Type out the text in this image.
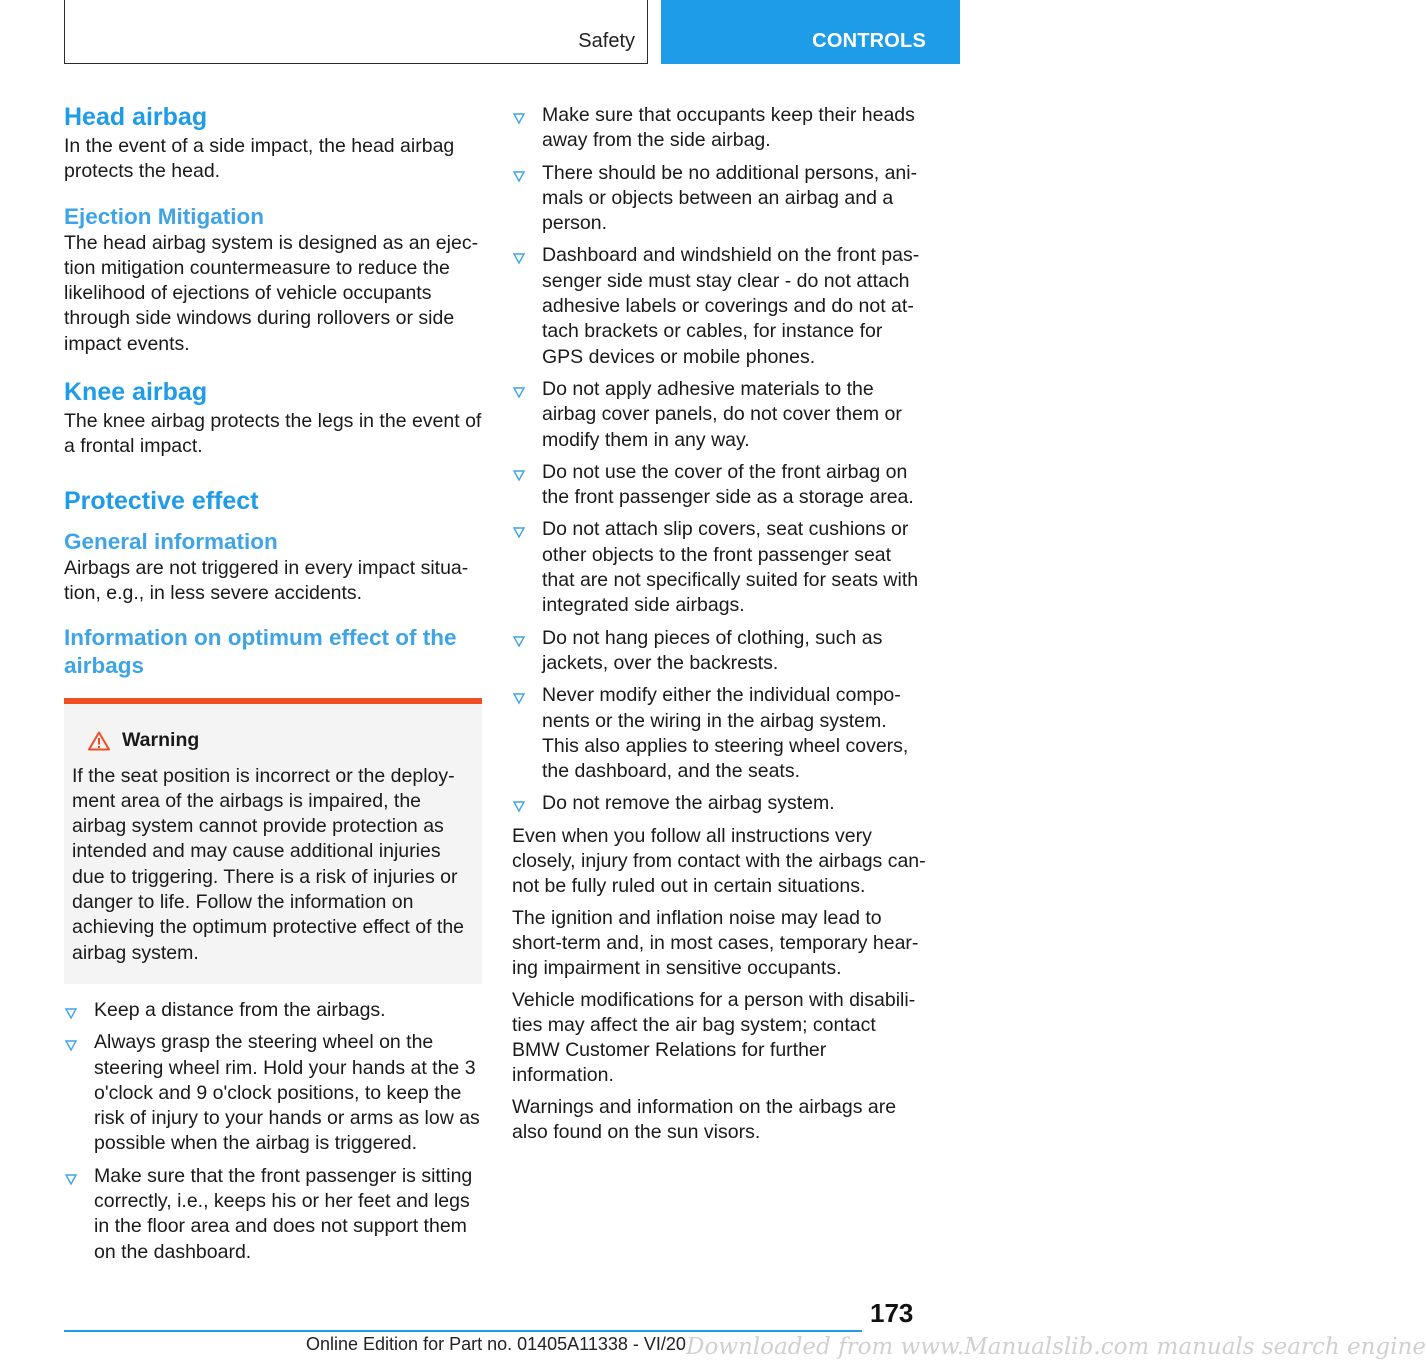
Safety	CONTROLS
Head airbag

In the event of a side impact, the head airbag protects the head.

Ejection Mitigation

The head airbag system is designed as an ejection mitigation countermeasure to reduce the likelihood of ejections of vehicle occupants through side windows during rollovers or side impact events.

Knee airbag

The knee airbag protects the legs in the event of a frontal impact.

Protective effect
General information

Airbags are not triggered in every impact situation, e.g., in less severe accidents.

Information on optimum effect of the airbags
Warning

If the seat position is incorrect or the deployment area of the airbags is impaired, the airbag system cannot provide protection as intended and may cause additional injuries due to triggering. There is a risk of injuries or danger to life. Follow the information on achieving the optimum protective effect of the airbag system.

Keep a distance from the airbags.
Always grasp the steering wheel on the steering wheel rim. Hold your hands at the 3 o'clock and 9 o'clock positions, to keep the risk of injury to your hands or arms as low as possible when the airbag is triggered.
Make sure that the front passenger is sitting correctly, i.e., keeps his or her feet and legs in the floor area and does not support them on the dashboard.
Make sure that occupants keep their heads away from the side airbag.
There should be no additional persons, animals or objects between an airbag and a person.
Dashboard and windshield on the front passenger side must stay clear - do not attach adhesive labels or coverings and do not attach brackets or cables, for instance for GPS devices or mobile phones.
Do not apply adhesive materials to the airbag cover panels, do not cover them or modify them in any way.
Do not use the cover of the front airbag on the front passenger side as a storage area.
Do not attach slip covers, seat cushions or other objects to the front passenger seat that are not specifically suited for seats with integrated side airbags.
Do not hang pieces of clothing, such as jackets, over the backrests.
Never modify either the individual components or the wiring in the airbag system. This also applies to steering wheel covers, the dashboard, and the seats.
Do not remove the airbag system.

Even when you follow all instructions very closely, injury from contact with the airbags cannot be fully ruled out in certain situations.

The ignition and inflation noise may lead to short-term and, in most cases, temporary hearing impairment in sensitive occupants.

Vehicle modifications for a person with disabilities may affect the air bag system; contact BMW Customer Relations for further information.

Warnings and information on the airbags are also found on the sun visors.

173
Online Edition for Part no. 01405A11338 - VI/20 Downloaded from www.Manualslib.com manuals search engine
